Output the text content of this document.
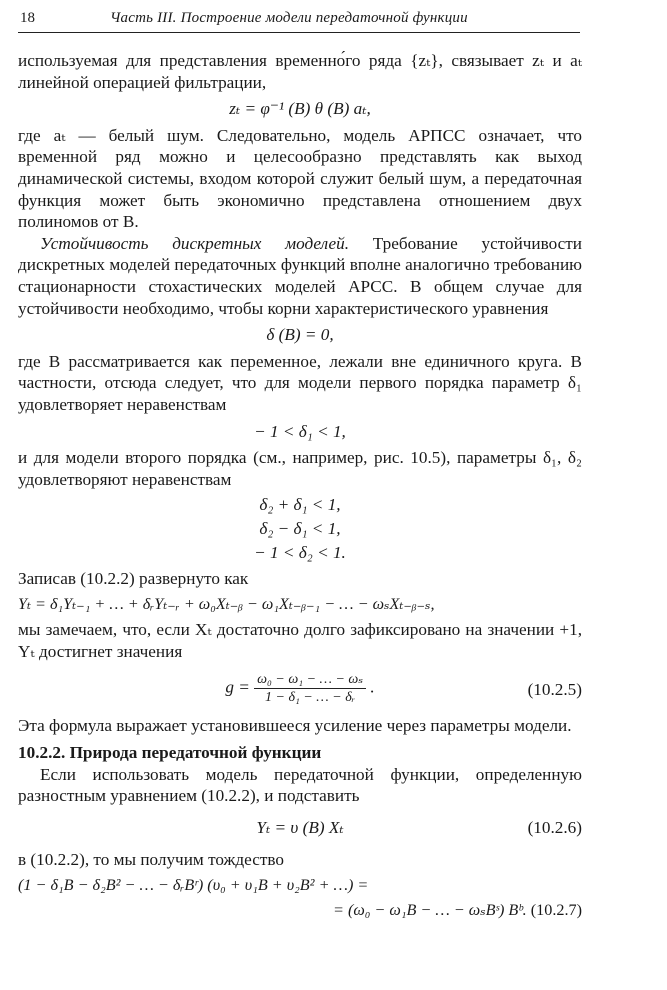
18	Часть III. Построение модели передаточной функции

используемая для представления временно́го ряда {zₜ}, связывает zₜ и aₜ линейной операцией фильтрации,

zₜ = φ⁻¹ (B) θ (B) aₜ,

где aₜ — белый шум. Следовательно, модель АРПСС означает, что временной ряд можно и целесообразно представлять как выход динамической системы, входом которой служит белый шум, а передаточная функция может быть экономично представлена отношением двух полиномов от B.

Устойчивость дискретных моделей. Требование устойчивости дискретных моделей передаточных функций вполне аналогично требованию стационарности стохастических моделей АРСС. В общем случае для устойчивости необходимо, чтобы корни характеристического уравнения

δ (B) = 0,

где B рассматривается как переменное, лежали вне единичного круга. В частности, отсюда следует, что для модели первого порядка параметр δ₁ удовлетворяет неравенствам

− 1 < δ₁ < 1,

и для модели второго порядка (см., например, рис. 10.5), параметры δ₁, δ₂ удовлетворяют неравенствам

δ₂ + δ₁ < 1,
δ₂ − δ₁ < 1,
− 1 < δ₂ < 1.

Записав (10.2.2) развернуто как

Yₜ = δ₁Yₜ₋₁ + … + δᵣYₜ₋ᵣ + ω₀Xₜ₋ᵦ − ω₁Xₜ₋ᵦ₋₁ − … − ωₛXₜ₋ᵦ₋ₛ,

мы замечаем, что, если Xₜ достаточно долго зафиксировано на значении +1, Yₜ достигнет значения

$g = \frac{\text{ω₀ − ω₁ − … − ωₛ}}{\text{1 − δ₁ − … − δᵣ}}$ .	(10.2.5)

Эта формула выражает установившееся усиление через параметры модели.

10.2.2. Природа передаточной функции

Если использовать модель передаточной функции, определенную разностным уравнением (10.2.2), и подставить

Yₜ = υ (B) Xₜ	(10.2.6)

в (10.2.2), то мы получим тождество

(1 − δ₁B − δ₂B² − … − δᵣBʳ) (υ₀ + υ₁B + υ₂B² + …) =
= (ω₀ − ω₁B − … − ωₛBˢ) Bᵇ. (10.2.7)
